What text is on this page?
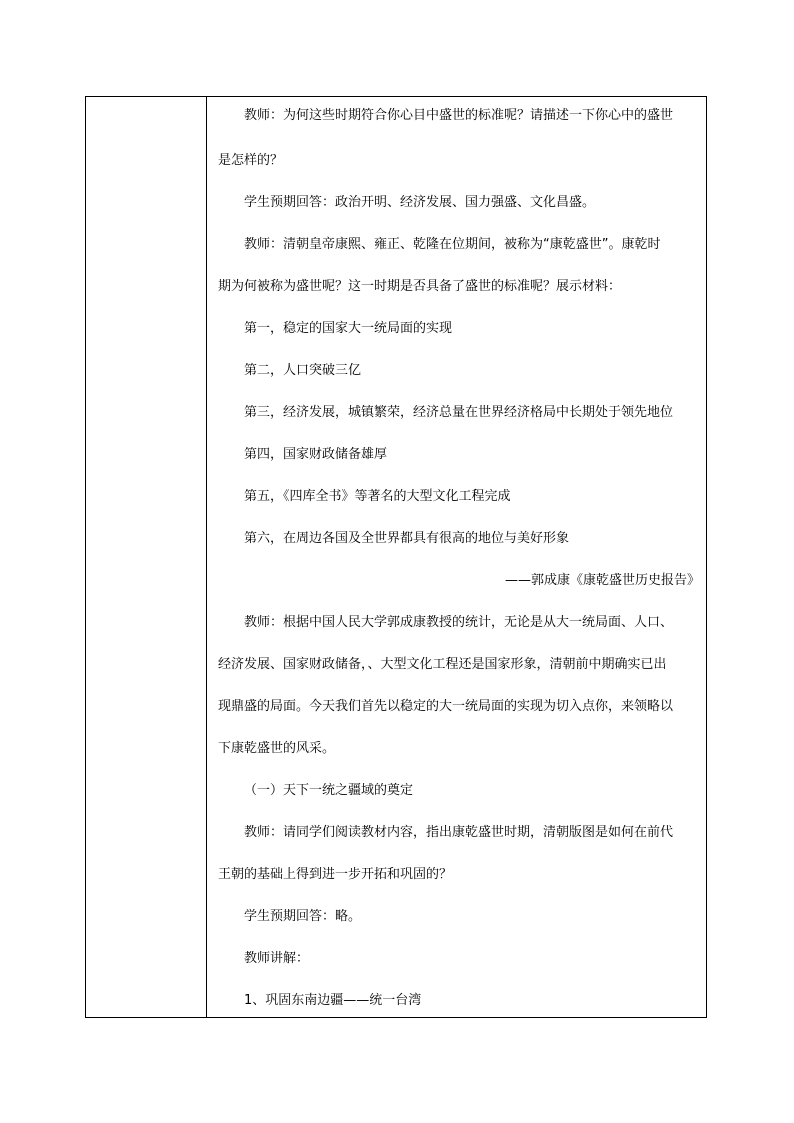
教师：为何这些时期符合你心目中盛世的标准呢？请描述一下你心中的盛世

是怎样的？

学生预期回答：政治开明、经济发展、国力强盛、文化昌盛。

教师：清朝皇帝康熙、雍正、乾隆在位期间，被称为“康乾盛世”。康乾时

期为何被称为盛世呢？这一时期是否具备了盛世的标准呢？展示材料：

第一，稳定的国家大一统局面的实现

第二，人口突破三亿

第三，经济发展，城镇繁荣，经济总量在世界经济格局中长期处于领先地位

第四，国家财政储备雄厚

第五，《四库全书》等著名的大型文化工程完成

第六，在周边各国及全世界都具有很高的地位与美好形象

——郭成康《康乾盛世历史报告》

教师：根据中国人民大学郭成康教授的统计，无论是从大一统局面、人口、

经济发展、国家财政储备，、大型文化工程还是国家形象，清朝前中期确实已出

现鼎盛的局面。今天我们首先以稳定的大一统局面的实现为切入点你，来领略以

下康乾盛世的风采。

（一）天下一统之疆域的奠定

教师：请同学们阅读教材内容，指出康乾盛世时期，清朝版图是如何在前代

王朝的基础上得到进一步开拓和巩固的？

学生预期回答：略。

教师讲解：

1、巩固东南边疆——统一台湾
